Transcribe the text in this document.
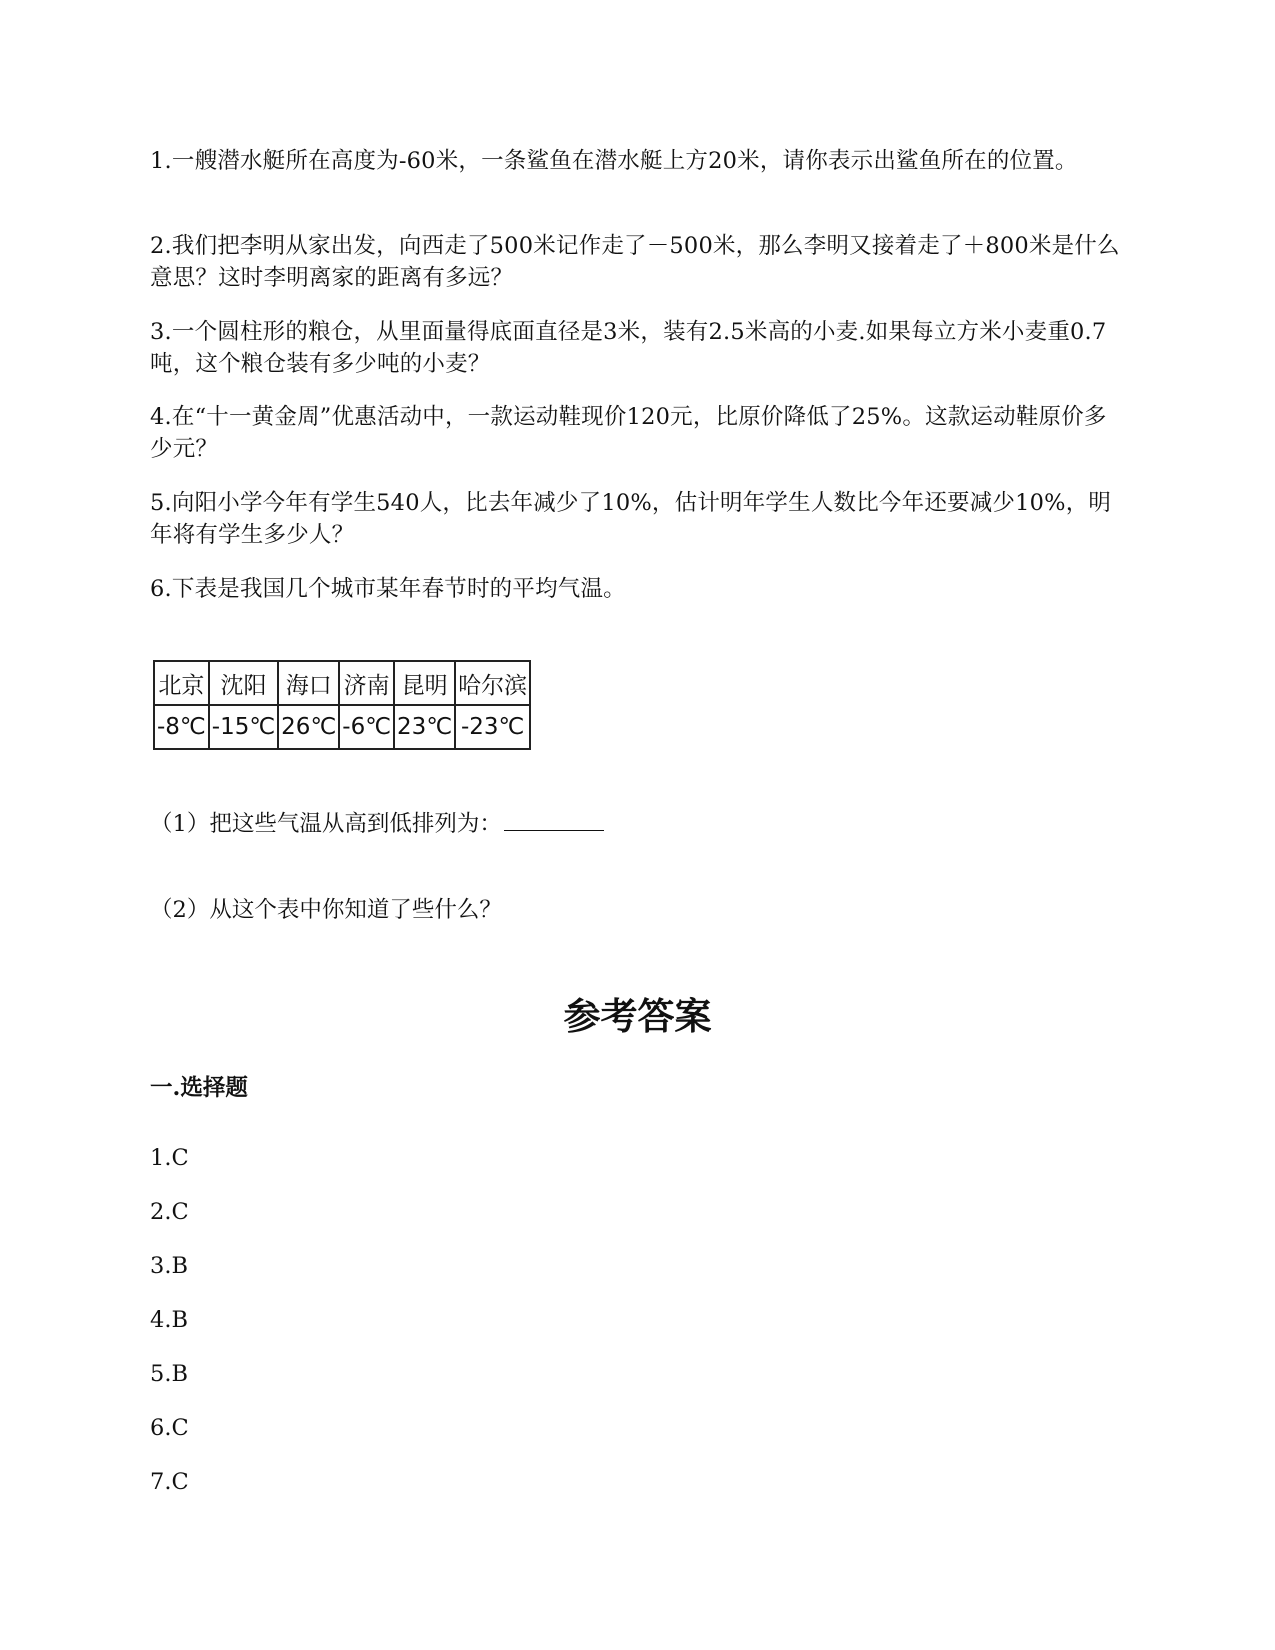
1.一艘潜水艇所在高度为-60米，一条鲨鱼在潜水艇上方20米，请你表示出鲨鱼所在的位置。

2.我们把李明从家出发，向西走了500米记作走了－500米，那么李明又接着走了＋800米是什么意思？这时李明离家的距离有多远？

3.一个圆柱形的粮仓，从里面量得底面直径是3米，装有2.5米高的小麦.如果每立方米小麦重0.7吨，这个粮仓装有多少吨的小麦？

4.在“十一黄金周”优惠活动中，一款运动鞋现价120元，比原价降低了25%。这款运动鞋原价多少元？

5.向阳小学今年有学生540人，比去年减少了10%，估计明年学生人数比今年还要减少10%，明年将有学生多少人？

6.下表是我国几个城市某年春节时的平均气温。

北京	沈阳	海口	济南	昆明	哈尔滨
-8℃	-15℃	26℃	-6℃	23℃	-23℃

（1）把这些气温从高到低排列为：

（2）从这个表中你知道了些什么？

参考答案
一.选择题

1.C

2.C

3.B

4.B

5.B

6.C

7.C
